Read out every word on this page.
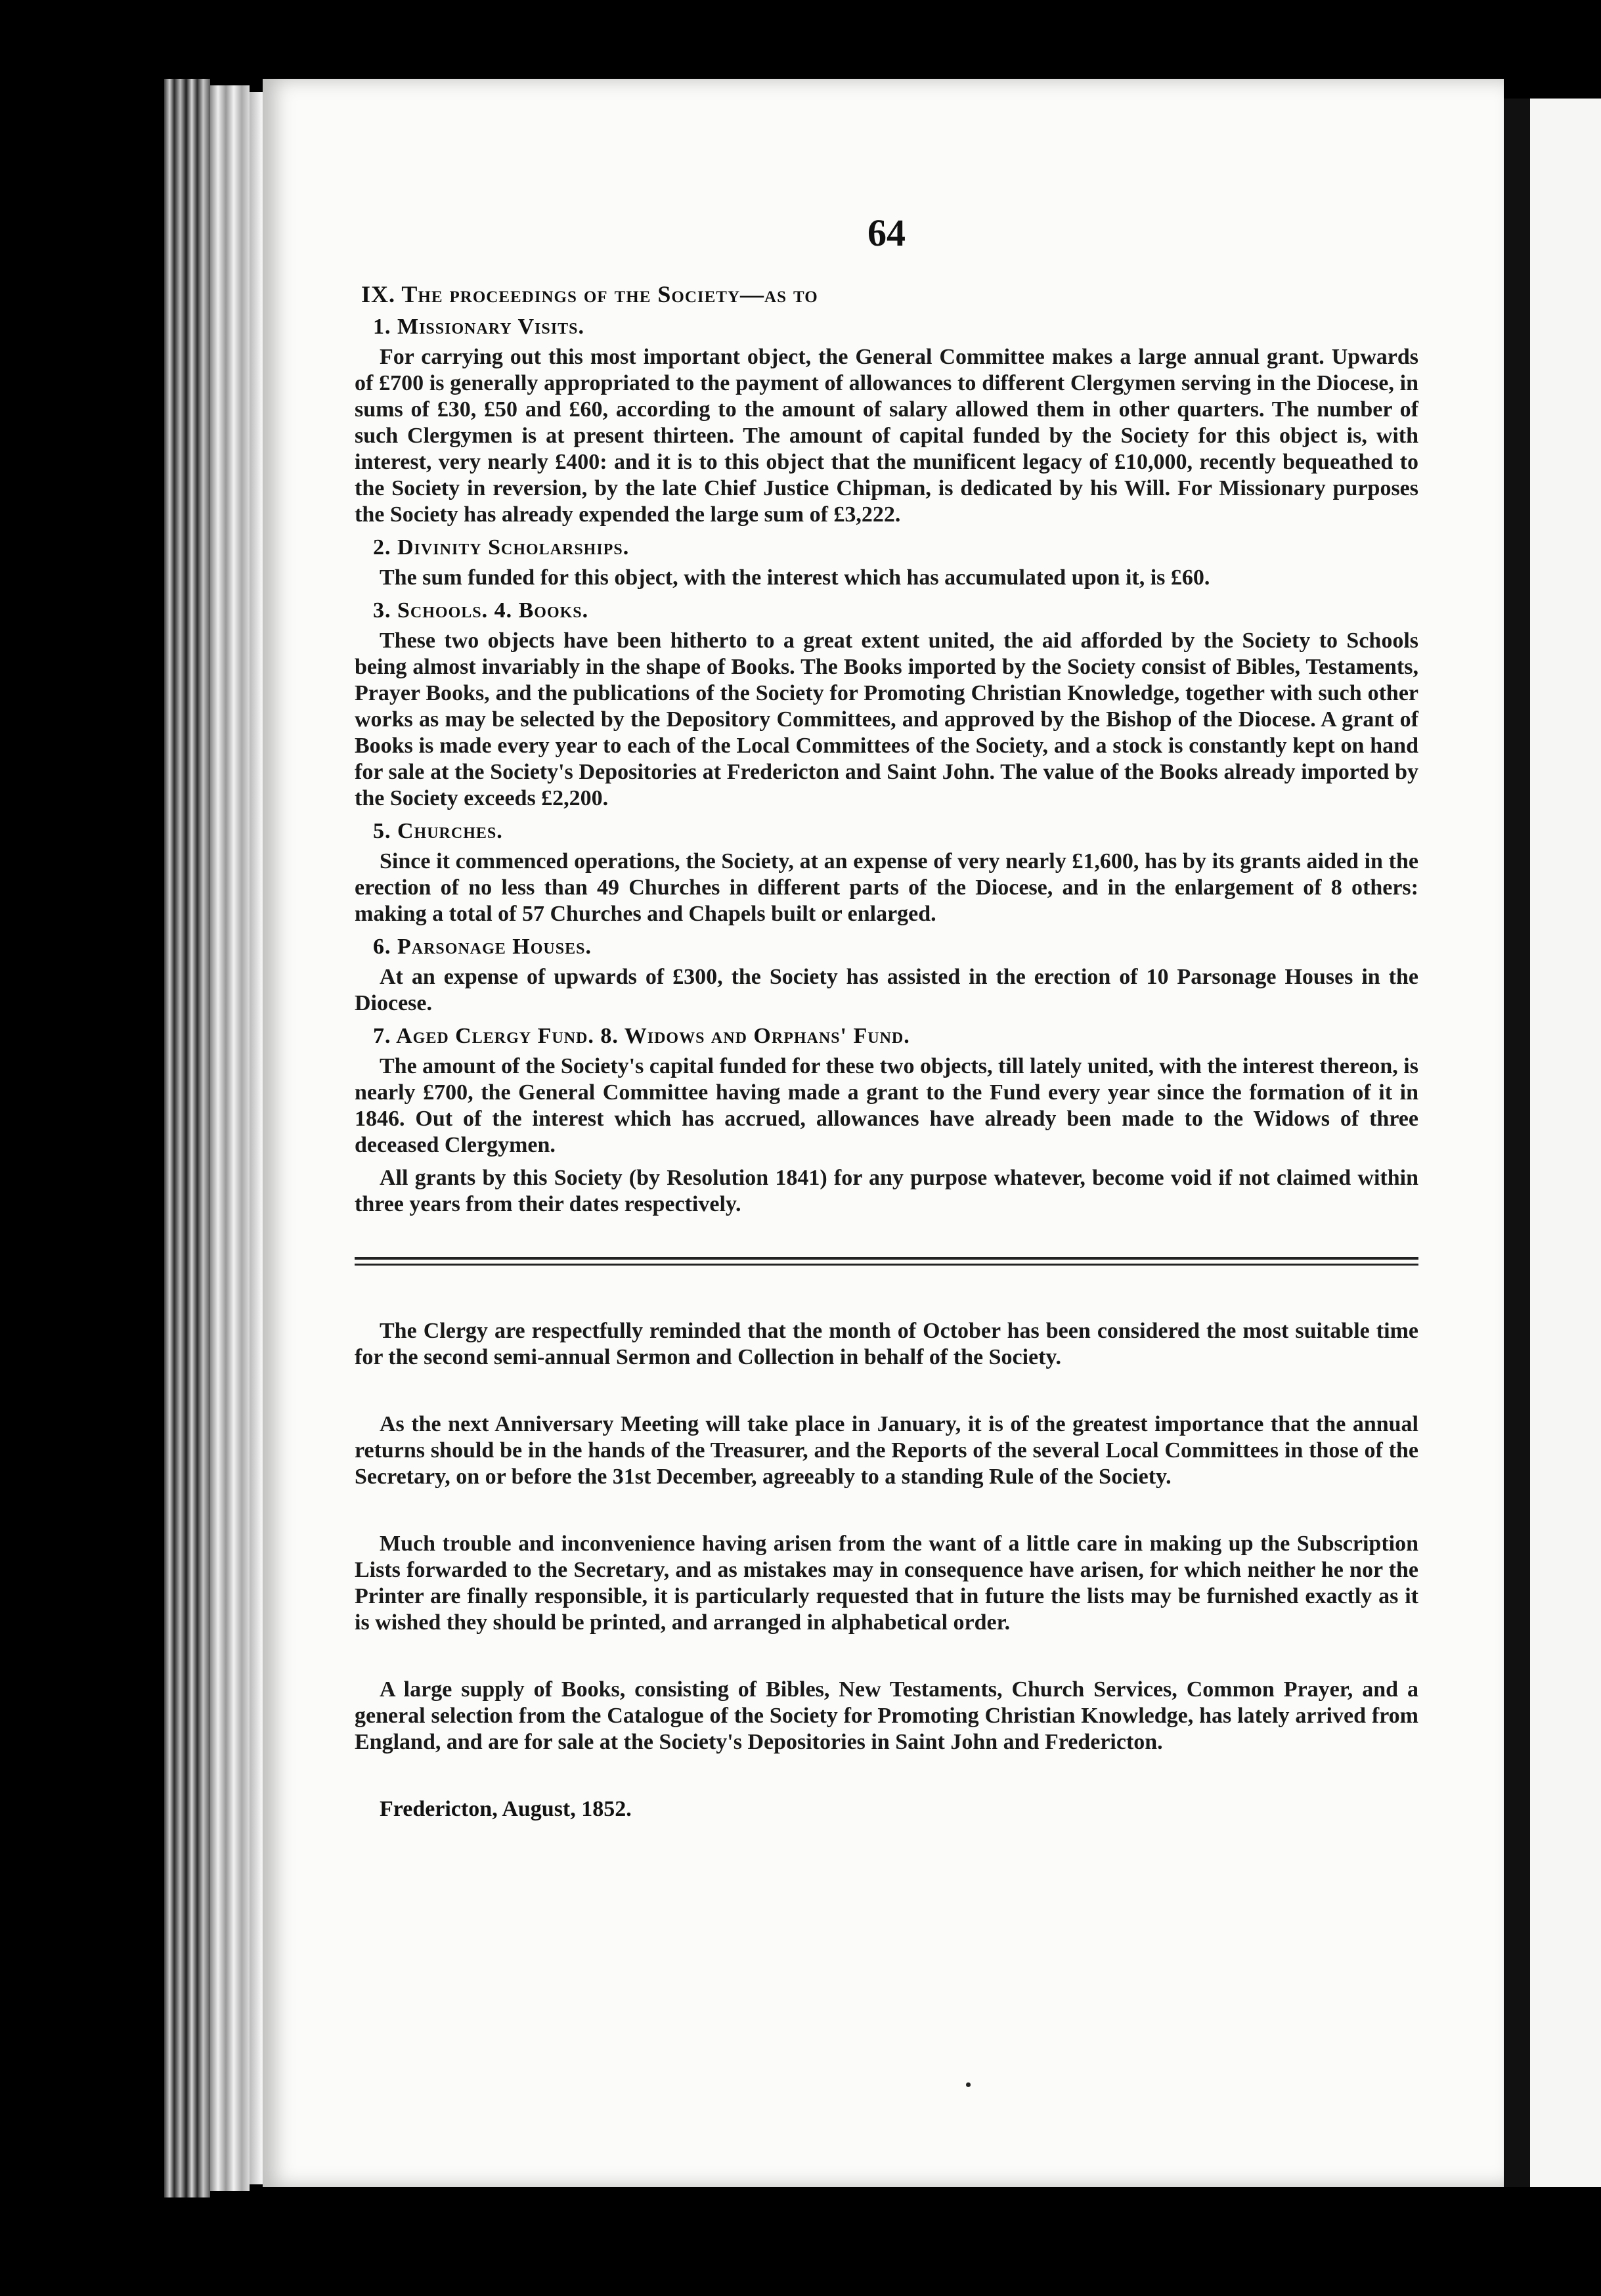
64
IX. The proceedings of the Society—as to
1. Missionary Visits.

For carrying out this most important object, the General Committee makes a large annual grant. Upwards of £700 is generally appropriated to the payment of allowances to different Clergymen serving in the Diocese, in sums of £30, £50 and £60, according to the amount of salary allowed them in other quarters. The number of such Clergymen is at present thirteen. The amount of capital funded by the Society for this object is, with interest, very nearly £400: and it is to this object that the munificent legacy of £10,000, recently bequeathed to the Society in reversion, by the late Chief Justice Chipman, is dedicated by his Will. For Missionary purposes the Society has already expended the large sum of £3,222.

2. Divinity Scholarships.

The sum funded for this object, with the interest which has accumulated upon it, is £60.

3. Schools. 4. Books.

These two objects have been hitherto to a great extent united, the aid afforded by the Society to Schools being almost invariably in the shape of Books. The Books imported by the Society consist of Bibles, Testaments, Prayer Books, and the publications of the Society for Promoting Christian Knowledge, together with such other works as may be selected by the Depository Committees, and approved by the Bishop of the Diocese. A grant of Books is made every year to each of the Local Committees of the Society, and a stock is constantly kept on hand for sale at the Society's Depositories at Fredericton and Saint John. The value of the Books already imported by the Society exceeds £2,200.

5. Churches.

Since it commenced operations, the Society, at an expense of very nearly £1,600, has by its grants aided in the erection of no less than 49 Churches in different parts of the Diocese, and in the enlargement of 8 others: making a total of 57 Churches and Chapels built or enlarged.

6. Parsonage Houses.

At an expense of upwards of £300, the Society has assisted in the erection of 10 Parsonage Houses in the Diocese.

7. Aged Clergy Fund. 8. Widows and Orphans' Fund.

The amount of the Society's capital funded for these two objects, till lately united, with the interest thereon, is nearly £700, the General Committee having made a grant to the Fund every year since the formation of it in 1846. Out of the interest which has accrued, allowances have already been made to the Widows of three deceased Clergymen.

All grants by this Society (by Resolution 1841) for any purpose whatever, become void if not claimed within three years from their dates respectively.

The Clergy are respectfully reminded that the month of October has been considered the most suitable time for the second semi-annual Sermon and Collection in behalf of the Society.

As the next Anniversary Meeting will take place in January, it is of the greatest importance that the annual returns should be in the hands of the Treasurer, and the Reports of the several Local Committees in those of the Secretary, on or before the 31st December, agreeably to a standing Rule of the Society.

Much trouble and inconvenience having arisen from the want of a little care in making up the Subscription Lists forwarded to the Secretary, and as mistakes may in consequence have arisen, for which neither he nor the Printer are finally responsible, it is particularly requested that in future the lists may be furnished exactly as it is wished they should be printed, and arranged in alphabetical order.

A large supply of Books, consisting of Bibles, New Testaments, Church Services, Common Prayer, and a general selection from the Catalogue of the Society for Promoting Christian Knowledge, has lately arrived from England, and are for sale at the Society's Depositories in Saint John and Fredericton.

Fredericton, August, 1852.
•
